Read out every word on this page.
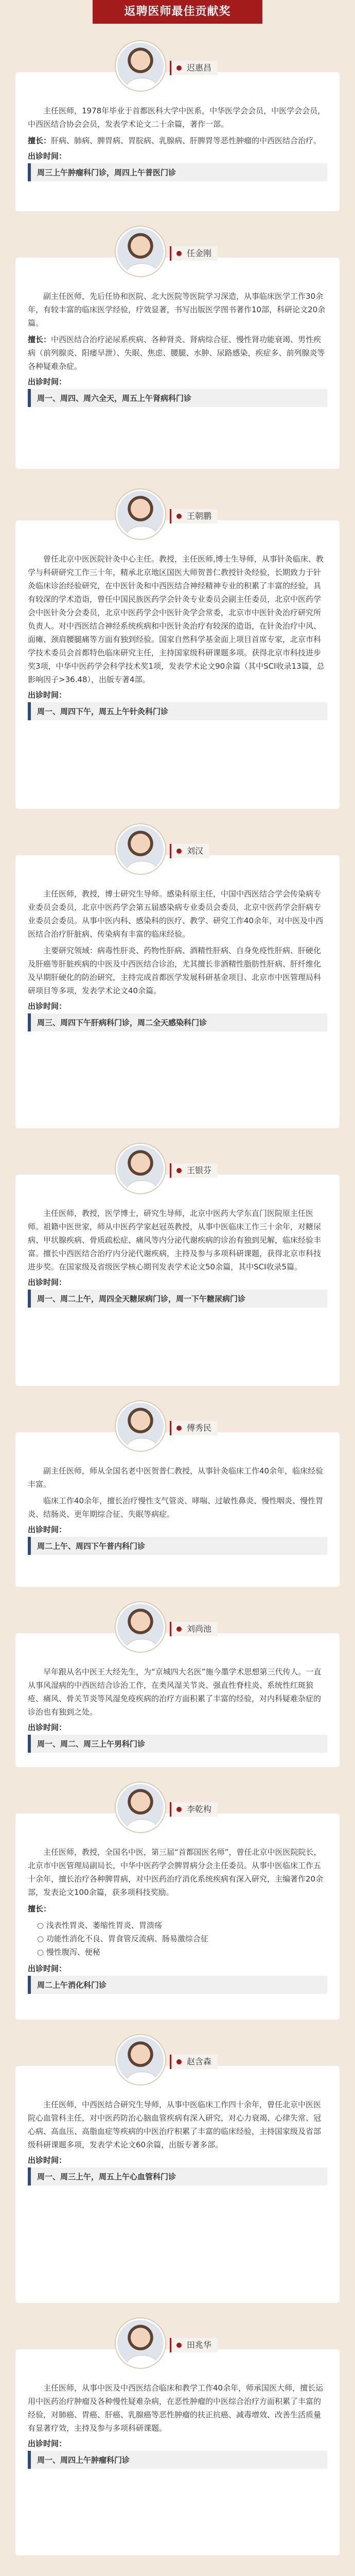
返聘医师最佳贡献奖

主任医师，1978年毕业于首都医科大学中医系，中华医学会会员，中医学会会员，中西医结合协会会员，发表学术论文二十余篇，著作一部。

擅长：肝病、肺病、脾胃病、胃脘病、乳腺病、肝脾胃等恶性肿瘤的中西医结合治疗。

出诊时间：
周三上午肿瘤科门诊，周四上午普医门诊
迟惠昌

副主任医师，先后任协和医院、北大医院等医院学习深造，从事临床医学工作30余年，有较丰富的临床医学经验，疗效显著，书写出版医学图书著作10部，科研论文20余篇。

擅长：中西医结合治疗泌尿系疾病、各种肾炎、肾病综合征、慢性肾功能衰竭、男性疾病（前列腺炎、阳痿早泄）、失眠、焦虑、腰腿、水肿、尿路感染，疾症多、前列腺炎等各种疑难杂症。

出诊时间：
周一、周四、周六全天，周五上午肾病科门诊
任金刚

曾任北京中医医院针灸中心主任。教授，主任医师,博士生导师，从事针灸临床、教学与科研研究工作三十年，精承北京地区国医大师贺普仁教授针灸经验，长期致力于针灸临床诊治经验研究，在中医针灸和中西医结合神经精神专业的积累了丰富的经验，具有较深的学术造诣，曾任中国民族医药学会针灸专业委员会副主任委员，北京中医药学会中医针灸分会委员，北京中医药学会中医针灸学会常委，北京市中医针灸治疗研究所负责人。对中西医结合神经系统疾病和中医针灸治疗有较深的造诣，在针灸治疗中风、面瘫、颈肩腰腿痛等方面有独到经验。国家自然科学基金面上项目首席专家，北京市科学技术委员会首都特色临床研究主任，主持国家级科研课题多项。获得北京市科技进步奖3项，中华中医药学会科学技术奖1项，发表学术论文90余篇（其中SCI收录13篇，总影响因子>36.48），出版专著4部。

出诊时间：
周一、周四下午，周五上午针灸科门诊
王朝鹏

主任医师，教授，博士研究生导师。感染科原主任，中国中西医结合学会传染病专业委员会委员，北京中医药学会第五届感染病专业委员会委员，北京中医药学会肝病专业委员会委员。从事中医内科、感染科的医疗、教学、研究工作40余年，对中医及中西医结合治疗肝脏病、传染病有丰富的临床经验。

主要研究领域：病毒性肝炎、药物性肝病、酒精性肝病、自身免疫性肝病、肝硬化及肝癌等肝脏疾病的中医及中西医结合诊治，尤其擅长非酒精性脂肪性肝病、肝纤维化及早期肝硬化的防治研究，主持完成首都医学发展科研基金项目、北京市中医管理局科研项目等多项，发表学术论文40余篇。

出诊时间：
周三、周四下午肝病科门诊，周二全天感染科门诊
刘汉

主任医师，教授，医学博士，研究生导师，北京中医药大学东直门医院原主任医师。祖籍中医世家，师从中医药学家赵冠英教授，从事中医临床工作三十余年，对糖尿病、甲状腺疾病、骨质疏松症、痛风等内分泌代谢疾病的诊治有独到见解，临床经验丰富。擅长中西医结合治疗内分泌代谢疾病，主持及参与多项科研课题，获得北京市科技进步奖。在国家级及省级医学核心期刊发表学术论文50余篇，其中SCI收录5篇。

出诊时间：
周一、周二上午，周四全天糖尿病门诊，周一下午糖尿病门诊
王银芬

副主任医师，师从全国名老中医贺普仁教授，从事针灸临床工作40余年，临床经验丰富。

临床工作40余年，擅长治疗慢性支气管炎、哮喘、过敏性鼻炎、慢性咽炎、慢性胃炎、结肠炎、更年期综合征、失眠等病症。

出诊时间：
周二上午、周四下午普内科门诊
傅秀民

早年跟从名中医王大经先生，为“京城四大名医”施今墨学术思想第三代传人。一直从事风湿病的中西医结合诊治工作，在类风湿关节炎、强直性脊柱炎、系统性红斑狼疮、痛风、骨关节炎等风湿免疫疾病的治疗方面积累了丰富的经验，对内科疑难杂症的诊治也有独到之处。

出诊时间：
周一、周二、周三上午男科门诊
刘尚池

主任医师，教授，全国名中医，第三届“首都国医名师”，曾任北京中医医院院长，北京市中医管理局副局长，中华中医药学会脾胃病分会主任委员。从事中医临床工作五十余年，擅长治疗各种脾胃病，对中医药治疗消化系统疾病有深入研究，主编著作20余部，发表论文100余篇，获多项科技奖励。

擅长：

○ 浅表性胃炎、萎缩性胃炎、胃溃疡
○ 功能性消化不良、胃食管反流病、肠易激综合征
○ 慢性腹泻、便秘
出诊时间：
周二上午消化科门诊
李乾构

主任医师，中西医结合研究生导师，从事中医临床工作四十余年，曾任北京中医医院心血管科主任，对中医药防治心脑血管疾病有深入研究，对心力衰竭、心律失常、冠心病、高血压、高脂血症等疾病的中医治疗积累了丰富的临床经验，主持国家级及省部级科研课题多项，发表学术论文60余篇，出版专著多部。

出诊时间：
周一、周三上午，周五上午心血管科门诊
赵含森

主任医师，从事中医及中西医结合临床和教学工作40余年，师承国医大师，擅长运用中医药治疗肿瘤及各种慢性疑难杂病，在恶性肿瘤的中医综合治疗方面积累了丰富的经验，对肺癌、胃癌、肝癌、乳腺癌等恶性肿瘤的扶正抗癌、减毒增效、改善生活质量有显著疗效，主持及参与多项科研课题。

出诊时间：
周一、周四上午肿瘤科门诊
田兆华
